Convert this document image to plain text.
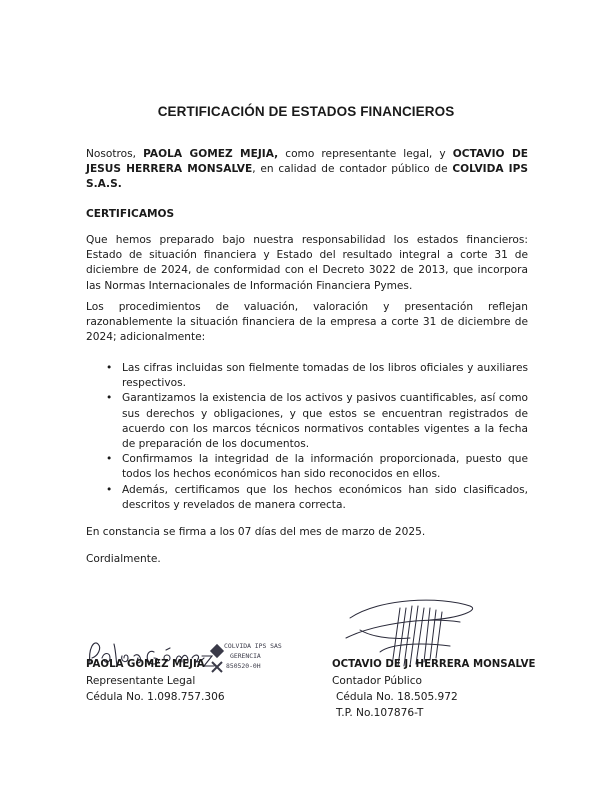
CERTIFICACIÓN DE ESTADOS FINANCIEROS
Nosotros, PAOLA GOMEZ MEJIA, como representante legal, y OCTAVIO DE JESUS HERRERA MONSALVE, en calidad de contador público de COLVIDA IPS S.A.S.
CERTIFICAMOS
Que hemos preparado bajo nuestra responsabilidad los estados financieros: Estado de situación financiera y Estado del resultado integral a corte 31 de diciembre de 2024, de conformidad con el Decreto 3022 de 2013, que incorpora las Normas Internacionales de Información Financiera Pymes.
Los procedimientos de valuación, valoración y presentación reflejan razonablemente la situación financiera de la empresa a corte 31 de diciembre de 2024; adicionalmente:
• Las cifras incluidas son fielmente tomadas de los libros oficiales y auxiliares respectivos.
• Garantizamos la existencia de los activos y pasivos cuantificables, así como sus derechos y obligaciones, y que estos se encuentran registrados de acuerdo con los marcos técnicos normativos contables vigentes a la fecha de preparación de los documentos.
• Confirmamos la integridad de la información proporcionada, puesto que todos los hechos económicos han sido reconocidos en ellos.
• Además, certificamos que los hechos económicos han sido clasificados, descritos y revelados de manera correcta.
En constancia se firma a los 07 días del mes de marzo de 2025.
Cordialmente.
COLVIDA IPS SAS
GERENCIA
850520-0H
PAOLA GOMEZ MEJIA
Representante Legal
Cédula No. 1.098.757.306
OCTAVIO DE J. HERRERA MONSALVE
Contador Público
Cédula No. 18.505.972
T.P. No.107876-T
